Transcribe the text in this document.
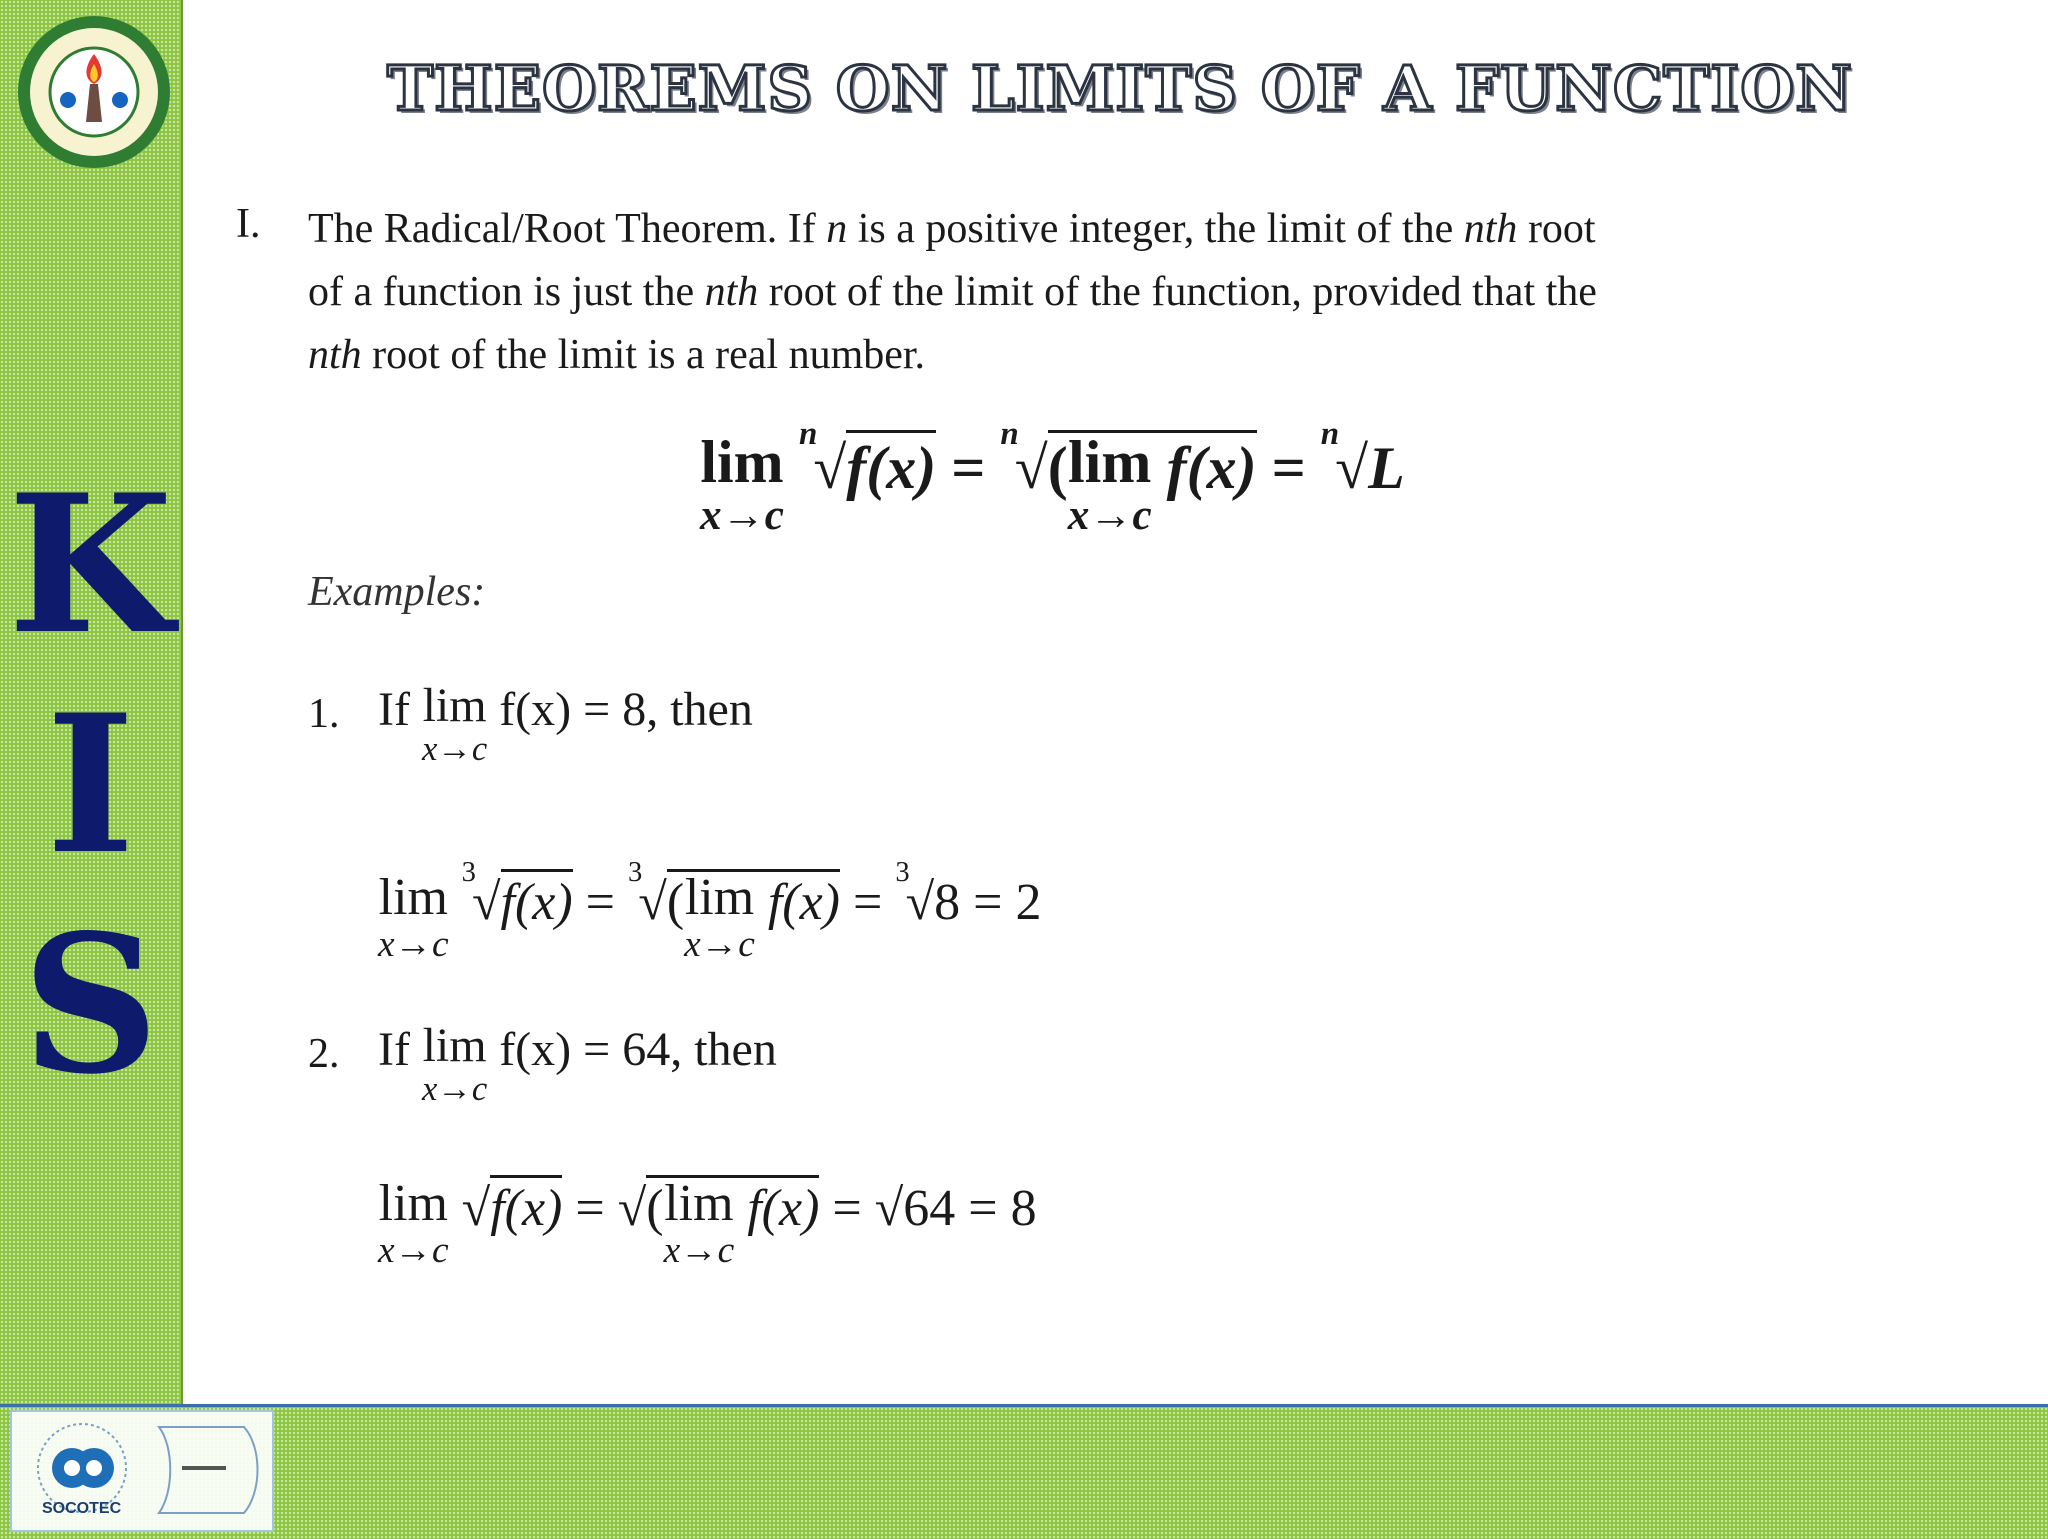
K
I
S
THEOREMS ON LIMITS OF A FUNCTION
I. The Radical/Root Theorem. If n is a positive integer, the limit of the nth root
of a function is just the nth root of the limit of the function, provided that the
nth root of the limit is a real number.
lim
x→c
$^n$√f(x) = $^n$√(lim
x→c
f(x) = $^n$√L
Examples:
1. If lim
x→c
f(x) = 8, then
lim
x→c
$^3$√f(x) = $^3$√(lim
x→c
f(x) = $^3$√8 = 2
2. If lim
x→c
f(x) = 64, then
lim
x→c
√f(x) = √(lim
x→c
f(x) = √64 = 8
SOCOTEC
